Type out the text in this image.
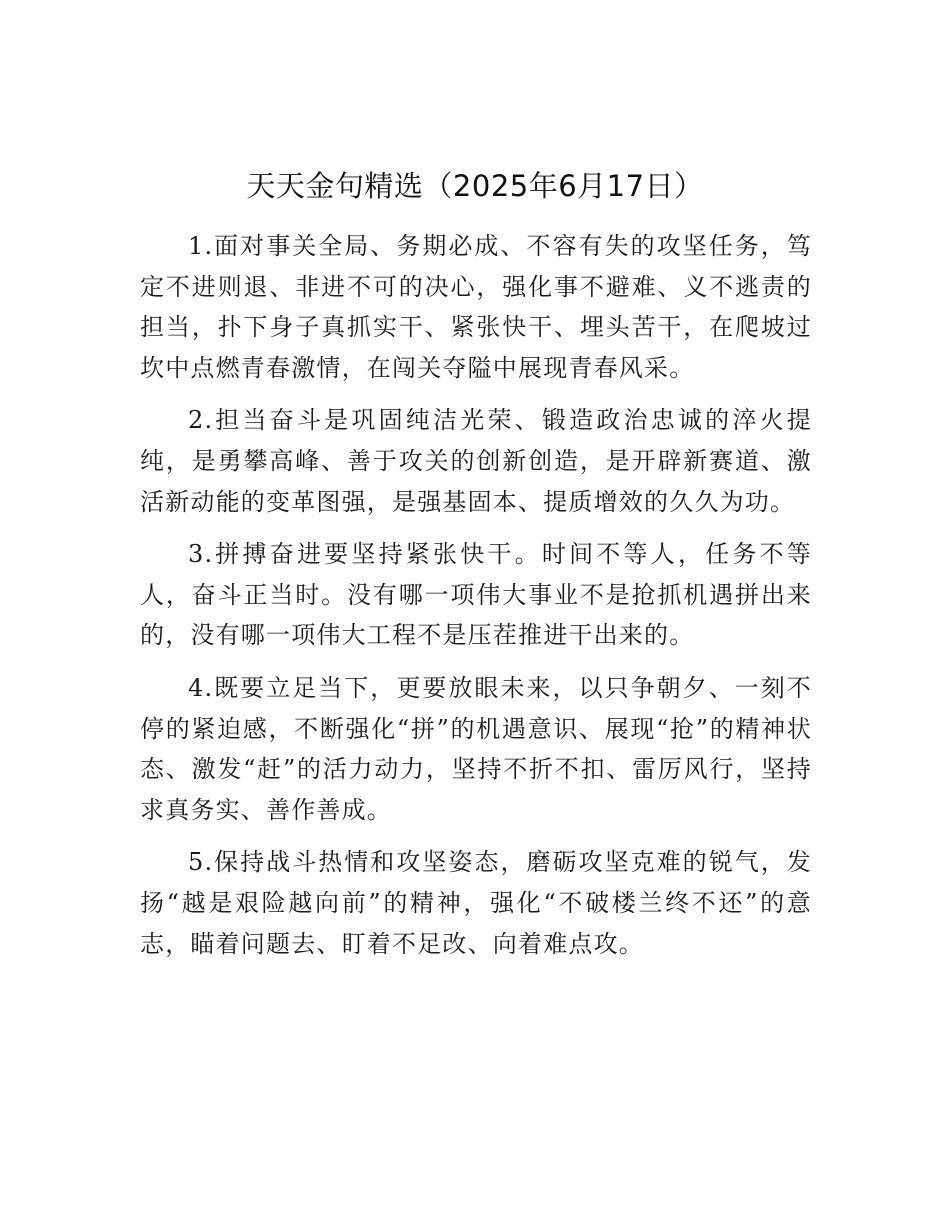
天天金句精选（2025年6月17日）

1.面对事关全局、务期必成、不容有失的攻坚任务，笃定不进则退、非进不可的决心，强化事不避难、义不逃责的担当，扑下身子真抓实干、紧张快干、埋头苦干，在爬坡过坎中点燃青春激情，在闯关夺隘中展现青春风采。

2.担当奋斗是巩固纯洁光荣、锻造政治忠诚的淬火提纯，是勇攀高峰、善于攻关的创新创造，是开辟新赛道、激活新动能的变革图强，是强基固本、提质增效的久久为功。

3.拼搏奋进要坚持紧张快干。时间不等人，任务不等人，奋斗正当时。没有哪一项伟大事业不是抢抓机遇拼出来的，没有哪一项伟大工程不是压茬推进干出来的。

4.既要立足当下，更要放眼未来，以只争朝夕、一刻不停的紧迫感，不断强化“拼”的机遇意识、展现“抢”的精神状态、激发“赶”的活力动力，坚持不折不扣、雷厉风行，坚持求真务实、善作善成。

5.保持战斗热情和攻坚姿态，磨砺攻坚克难的锐气，发扬“越是艰险越向前”的精神，强化“不破楼兰终不还”的意志，瞄着问题去、盯着不足改、向着难点攻。
